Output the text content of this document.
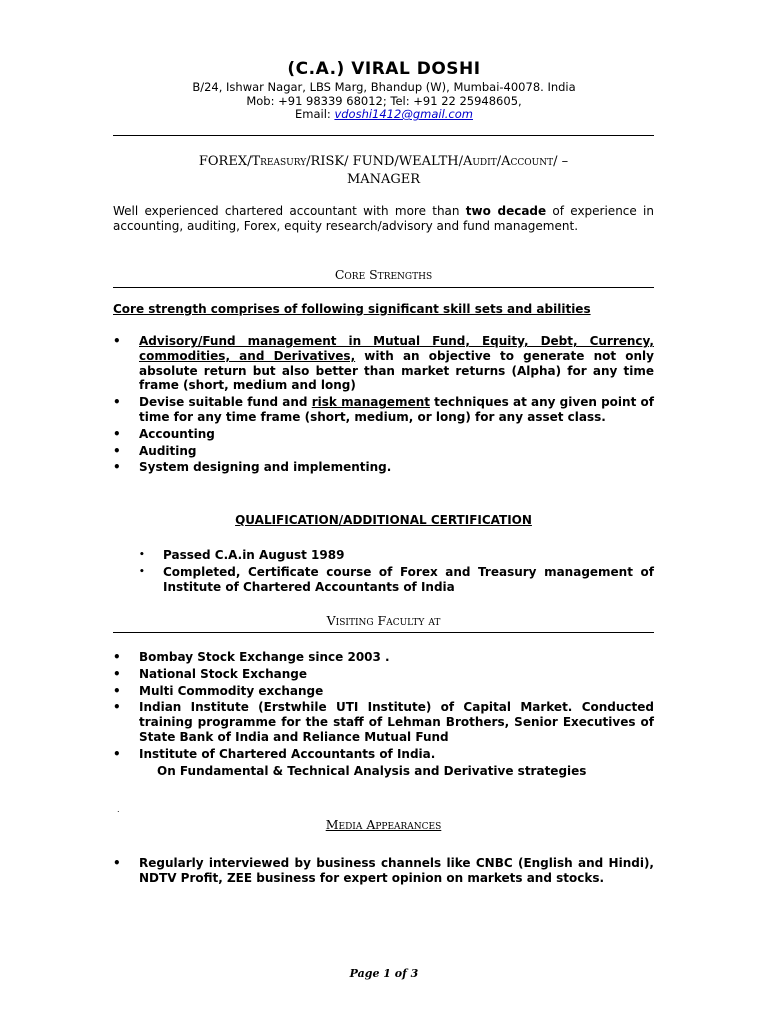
(C.A.) VIRAL DOSHI
B/24, Ishwar Nagar, LBS Marg, Bhandup (W), Mumbai-40078. India
Mob: +91 98339 68012; Tel: +91 22 25948605,
Email: vdoshi1412@gmail.com
FOREX/Treasury/RISK/ FUND/WEALTH/Audit/Account/ –
MANAGER
Well experienced chartered accountant with more than two decade of experience in accounting, auditing, Forex, equity research/advisory and fund management.
Core Strengths
Core strength comprises of following significant skill sets and abilities
• Advisory/Fund management in Mutual Fund, Equity, Debt, Currency, commodities, and Derivatives, with an objective to generate not only absolute return but also better than market returns (Alpha) for any time frame (short, medium and long)
• Devise suitable fund and risk management techniques at any given point of time for any time frame (short, medium, or long) for any asset class.
• Accounting
• Auditing
• System designing and implementing.
QUALIFICATION/ADDITIONAL CERTIFICATION
• Passed C.A.in August 1989
• Completed, Certificate course of Forex and Treasury management of Institute of Chartered Accountants of India
Visiting Faculty at
• Bombay Stock Exchange since 2003 .
• National Stock Exchange
• Multi Commodity exchange
• Indian Institute (Erstwhile UTI Institute) of Capital Market. Conducted training programme for the staff of Lehman Brothers, Senior Executives of State Bank of India and Reliance Mutual Fund
• Institute of Chartered Accountants of India.
On Fundamental & Technical Analysis and Derivative strategies
.
Media Appearances
• Regularly interviewed by business channels like CNBC (English and Hindi), NDTV Profit, ZEE business for expert opinion on markets and stocks.
Page 1 of 3
